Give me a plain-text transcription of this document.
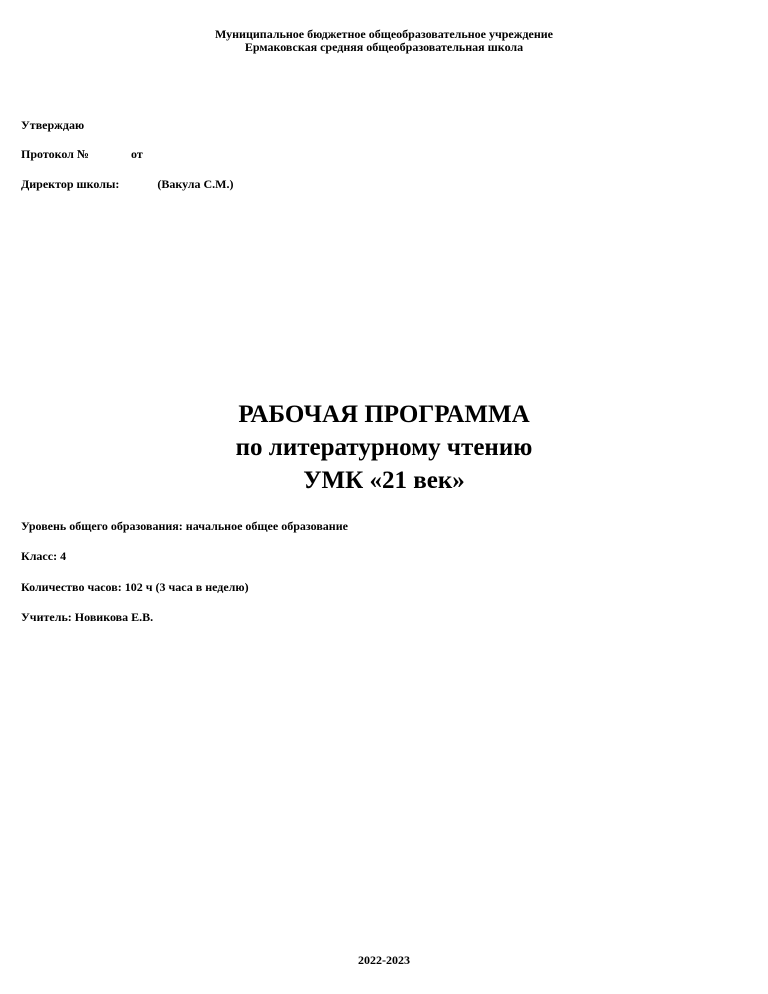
Муниципальное бюджетное общеобразовательное учреждение
Ермаковская средняя общеобразовательная школа
Утверждаю
Протокол №	от
Директор школы:	(Вакула С.М.)
РАБОЧАЯ ПРОГРАММА
по литературному чтению
УМК «21 век»
Уровень общего образования: начальное общее образование
Класс: 4
Количество часов: 102 ч (3 часа в неделю)
Учитель: Новикова Е.В.
2022-2023
